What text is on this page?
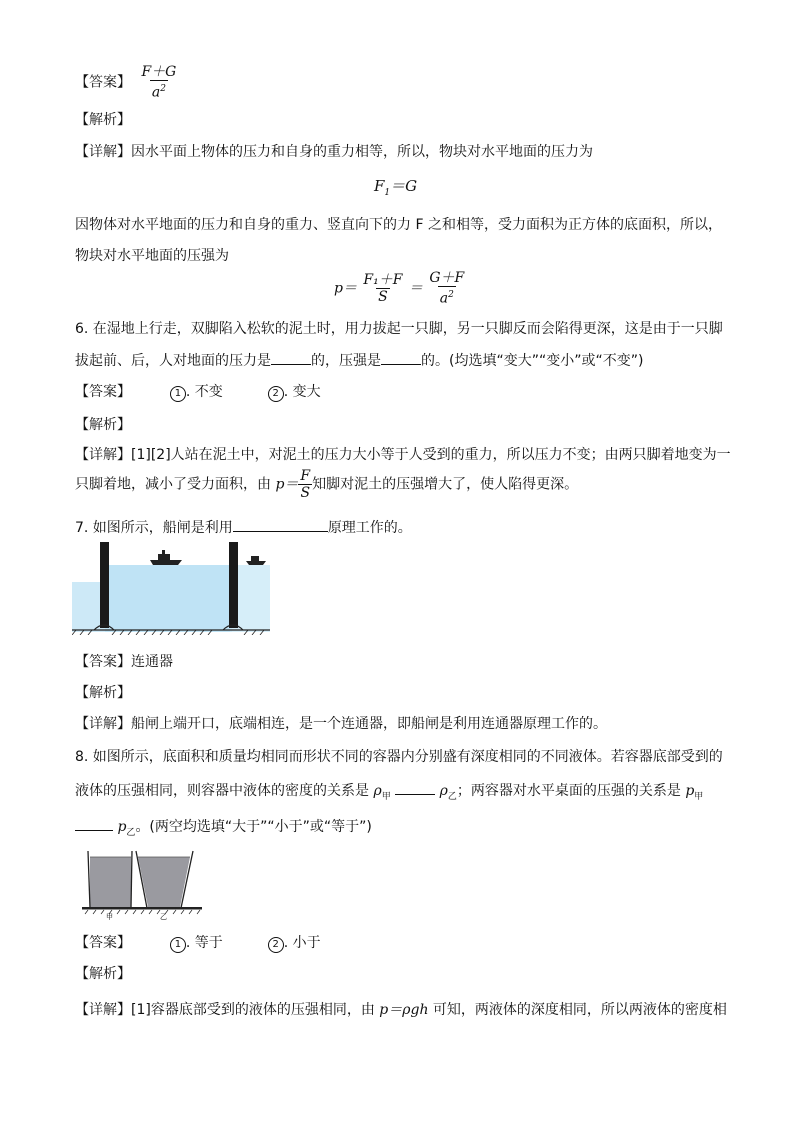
【答案】 $\frac{F+G}{a^2}$
【解析】
【详解】因水平面上物体的压力和自身的重力相等，所以，物块对水平地面的压力为
$F_1=G$
因物体对水平地面的压力和自身的重力、竖直向下的力 F 之和相等，受力面积为正方体的底面积，所以，
物块对水平地面的压强为
$p= \frac{\text{F₁＋F}}{S} = \frac{G+F}{a^2}$
6. 在湿地上行走，双脚陷入松软的泥土时，用力拔起一只脚，另一只脚反而会陷得更深，这是由于一只脚
拔起前、后，人对地面的压力是	的，压强是	的。(均选填“变大”“变小”或“不变”)
【答案】	1 . 不变	2 . 变大
【解析】
【详解】[1][2]人站在泥土中，对泥土的压力大小等于人受到的重力，所以压力不变；由两只脚着地变为一
只脚着地，减小了受力面积，由 $p= \frac{F}{S}$ 知脚对泥土的压强增大了，使人陷得更深。
7. 如图所示，船闸是利用	原理工作的。
【答案】连通器
【解析】
【详解】船闸上端开口，底端相连，是一个连通器，即船闸是利用连通器原理工作的。
8. 如图所示，底面积和质量均相同而形状不同的容器内分别盛有深度相同的不同液体。若容器底部受到的
液体的压强相同，则容器中液体的密度的关系是 $\rho_甲$	$\rho_乙$；两容器对水平桌面的压强的关系是 $p_甲$
$p_乙$。(两空均选填“大于”“小于”或“等于”)
甲	乙
【答案】	1 . 等于	2 . 小于
【解析】
【详解】[1]容器底部受到的液体的压强相同，由 p＝ρgh 可知，两液体的深度相同，所以两液体的密度相
